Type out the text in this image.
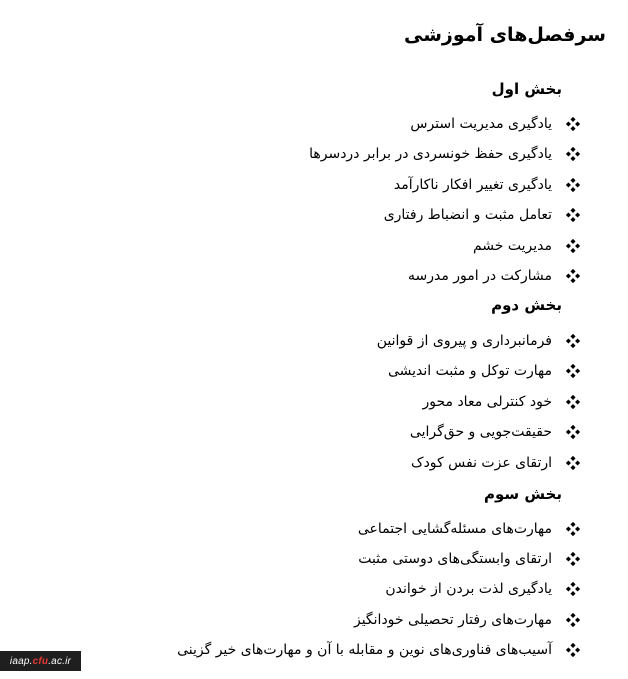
سرفصل‌های آموزشی
بخش اول
یادگیری مدیریت استرس
یادگیری حفظ خونسردی در برابر دردسرها
یادگیری تغییر افکار ناکارآمد
تعامل مثبت و انضباط رفتاری
مدیریت خشم
مشارکت در امور مدرسه
بخش دوم
فرمانبرداری و پیروی از قوانین
مهارت توکل و مثبت اندیشی
خود کنترلی معاد محور
حقیقت‌جویی و حق‌گرایی
ارتقای عزت نفس کودک
بخش سوم
مهارت‌های مسئله‌گشایی اجتماعی
ارتقای وابستگی‌های دوستی مثبت
یادگیری لذت بردن از خواندن
مهارت‌های رفتار تحصیلی خودانگیز
آسیب‌های فناوری‌های نوین و مقابله با آن و مهارت‌های خیر گزینی
iaap. cfu .ac.ir
